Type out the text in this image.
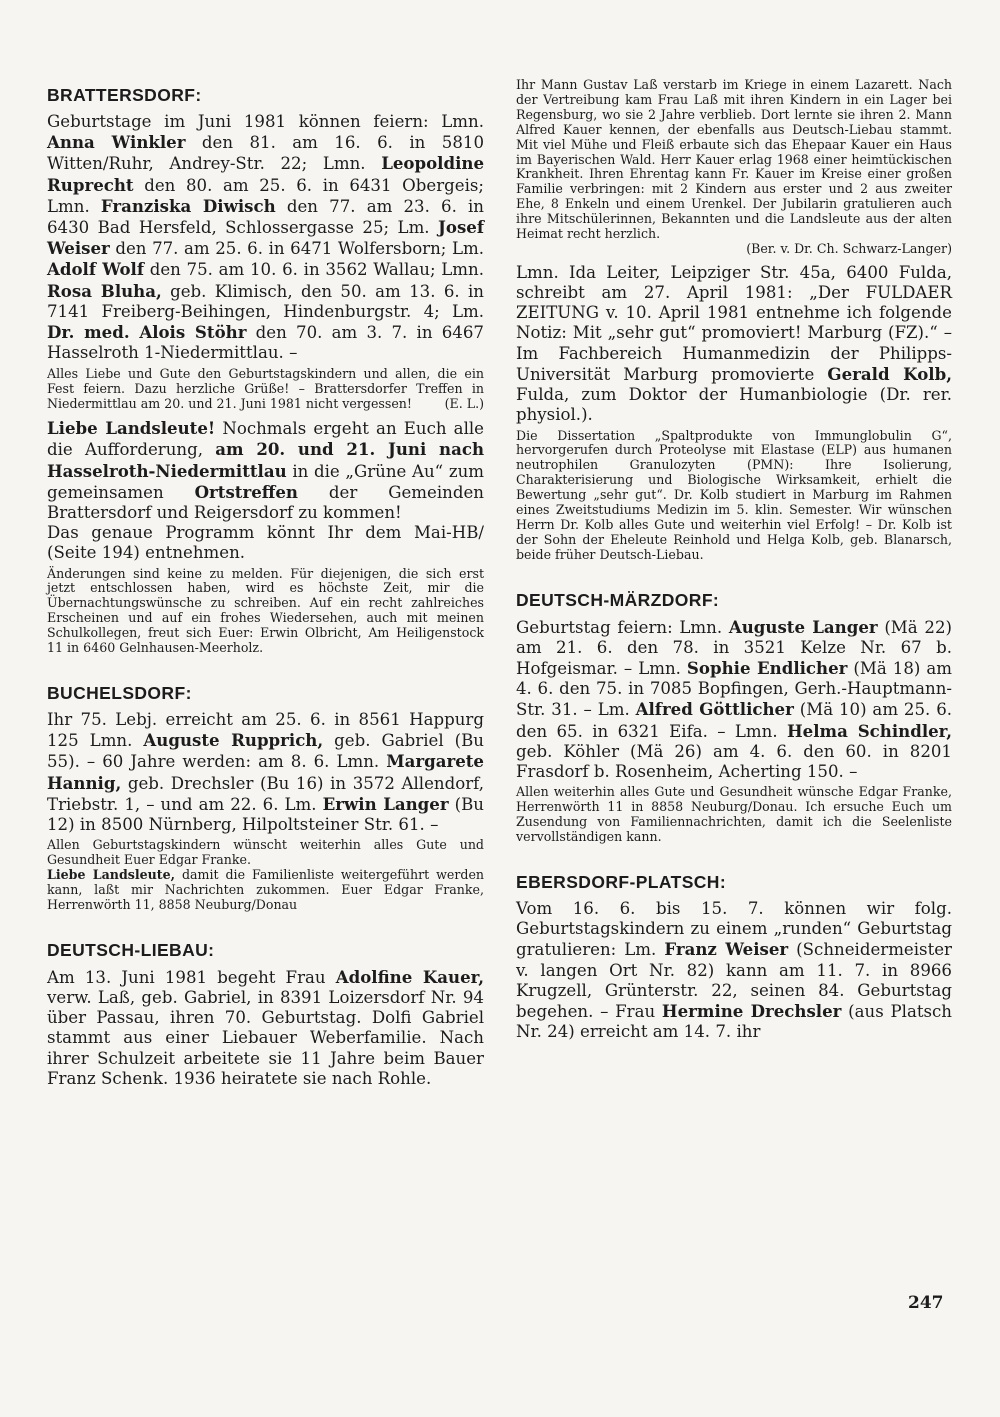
BRATTERSDORF:

Geburtstage im Juni 1981 können feiern: Lmn. Anna Winkler den 81. am 16. 6. in 5810 Witten/Ruhr, Andrey-Str. 22; Lmn. Leopoldine Ruprecht den 80. am 25. 6. in 6431 Obergeis; Lmn. Franziska Diwisch den 77. am 23. 6. in 6430 Bad Hersfeld, Schlossergasse 25; Lm. Josef Weiser den 77. am 25. 6. in 6471 Wolfersborn; Lm. Adolf Wolf den 75. am 10. 6. in 3562 Wallau; Lmn. Rosa Bluha, geb. Klimisch, den 50. am 13. 6. in 7141 Freiberg-Beihingen, Hindenburgstr. 4; Lm. Dr. med. Alois Stöhr den 70. am 3. 7. in 6467 Hasselroth 1-Niedermittlau. –

Alles Liebe und Gute den Geburtstagskindern und allen, die ein Fest feiern. Dazu herzliche Grüße! – Brattersdorfer Treffen in Niedermittlau am 20. und 21. Juni 1981 nicht vergessen!	(E. L.)

Liebe Landsleute! Nochmals ergeht an Euch alle die Aufforderung, am 20. und 21. Juni nach Hasselroth-Niedermittlau in die „Grüne Au“ zum gemeinsamen Ortstreffen der Gemeinden Brattersdorf und Reigersdorf zu kommen!

Das genaue Programm könnt Ihr dem Mai-HB/ (Seite 194) entnehmen.

Änderungen sind keine zu melden. Für diejenigen, die sich erst jetzt entschlossen haben, wird es höchste Zeit, mir die Übernachtungswünsche zu schreiben. Auf ein recht zahlreiches Erscheinen und auf ein frohes Wiedersehen, auch mit meinen Schulkollegen, freut sich Euer: Erwin Olbricht, Am Heiligenstock 11 in 6460 Gelnhausen-Meerholz.

BUCHELSDORF:

Ihr 75. Lebj. erreicht am 25. 6. in 8561 Happurg 125 Lmn. Auguste Rupprich, geb. Gabriel (Bu 55). – 60 Jahre werden: am 8. 6. Lmn. Margarete Hannig, geb. Drechsler (Bu 16) in 3572 Allendorf, Triebstr. 1, – und am 22. 6. Lm. Erwin Langer (Bu 12) in 8500 Nürnberg, Hilpoltsteiner Str. 61. –

Allen Geburtstagskindern wünscht weiterhin alles Gute und Gesundheit Euer Edgar Franke.

Liebe Landsleute, damit die Familienliste weitergeführt werden kann, laßt mir Nachrichten zukommen. Euer Edgar Franke, Herrenwörth 11, 8858 Neuburg/Donau

DEUTSCH-LIEBAU:

Am 13. Juni 1981 begeht Frau Adolfine Kauer, verw. Laß, geb. Gabriel, in 8391 Loizersdorf Nr. 94 über Passau, ihren 70. Geburtstag. Dolfi Gabriel stammt aus einer Liebauer Weberfamilie. Nach ihrer Schulzeit arbeitete sie 11 Jahre beim Bauer Franz Schenk. 1936 heiratete sie nach Rohle.

Ihr Mann Gustav Laß verstarb im Kriege in einem Lazarett. Nach der Vertreibung kam Frau Laß mit ihren Kindern in ein Lager bei Regensburg, wo sie 2 Jahre verblieb. Dort lernte sie ihren 2. Mann Alfred Kauer kennen, der ebenfalls aus Deutsch-Liebau stammt. Mit viel Mühe und Fleiß erbaute sich das Ehepaar Kauer ein Haus im Bayerischen Wald. Herr Kauer erlag 1968 einer heimtückischen Krankheit. Ihren Ehrentag kann Fr. Kauer im Kreise einer großen Familie verbringen: mit 2 Kindern aus erster und 2 aus zweiter Ehe, 8 Enkeln und einem Urenkel. Der Jubilarin gratulieren auch ihre Mitschülerinnen, Bekannten und die Landsleute aus der alten Heimat recht herzlich.

(Ber. v. Dr. Ch. Schwarz-Langer)

Lmn. Ida Leiter, Leipziger Str. 45a, 6400 Fulda, schreibt am 27. April 1981: „Der FULDAER ZEITUNG v. 10. April 1981 entnehme ich folgende Notiz: Mit „sehr gut“ promoviert! Marburg (FZ).“ – Im Fachbereich Humanmedizin der Philipps-Universität Marburg promovierte Gerald Kolb, Fulda, zum Doktor der Humanbiologie (Dr. rer. physiol.).

Die Dissertation „Spaltprodukte von Immunglobulin G“, hervorgerufen durch Proteolyse mit Elastase (ELP) aus humanen neutrophilen Granulozyten (PMN): Ihre Isolierung, Charakterisierung und Biologische Wirksamkeit, erhielt die Bewertung „sehr gut“. Dr. Kolb studiert in Marburg im Rahmen eines Zweitstudiums Medizin im 5. klin. Semester. Wir wünschen Herrn Dr. Kolb alles Gute und weiterhin viel Erfolg! – Dr. Kolb ist der Sohn der Eheleute Reinhold und Helga Kolb, geb. Blanarsch, beide früher Deutsch-Liebau.

DEUTSCH-MÄRZDORF:

Geburtstag feiern: Lmn. Auguste Langer (Mä 22) am 21. 6. den 78. in 3521 Kelze Nr. 67 b. Hofgeismar. – Lmn. Sophie Endlicher (Mä 18) am 4. 6. den 75. in 7085 Bopfingen, Gerh.-Hauptmann-Str. 31. – Lm. Alfred Göttlicher (Mä 10) am 25. 6. den 65. in 6321 Eifa. – Lmn. Helma Schindler, geb. Köhler (Mä 26) am 4. 6. den 60. in 8201 Frasdorf b. Rosenheim, Acherting 150. –

Allen weiterhin alles Gute und Gesundheit wünsche Edgar Franke, Herrenwörth 11 in 8858 Neuburg/Donau. Ich ersuche Euch um Zusendung von Familiennachrichten, damit ich die Seelenliste vervollständigen kann.

EBERSDORF-PLATSCH:

Vom 16. 6. bis 15. 7. können wir folg. Geburtstagskindern zu einem „runden“ Geburtstag gratulieren: Lm. Franz Weiser (Schneidermeister v. langen Ort Nr. 82) kann am 11. 7. in 8966 Krugzell, Grünterstr. 22, seinen 84. Geburtstag begehen. – Frau Hermine Drechsler (aus Platsch Nr. 24) erreicht am 14. 7. ihr

247
